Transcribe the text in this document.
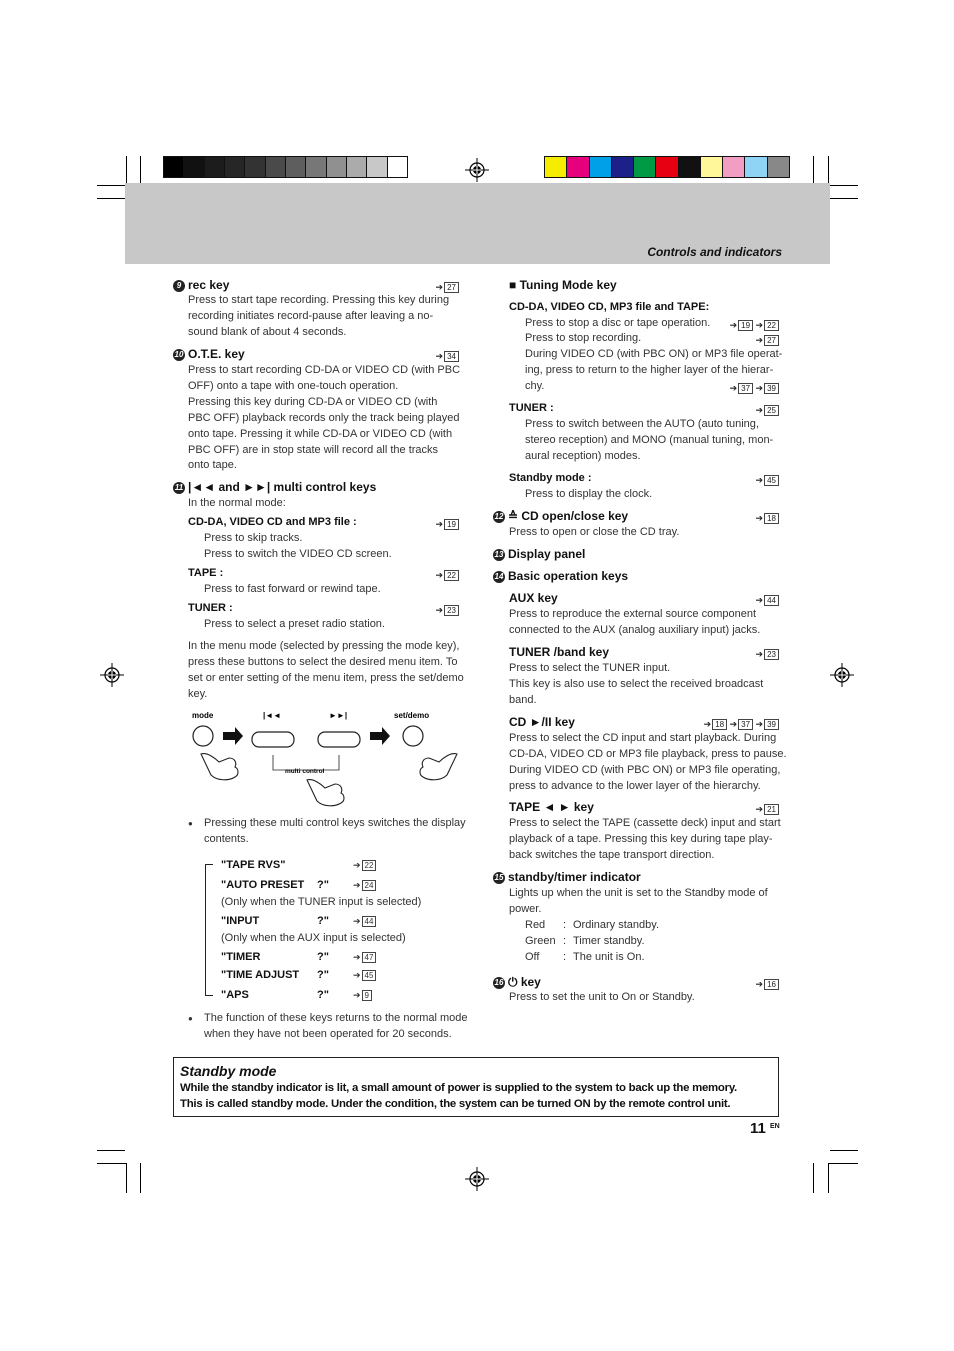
Controls and indicators
9 rec key	➔ 27
Press to start tape recording. Pressing this key during
recording initiates record-pause after leaving a no-
sound blank of about 4 seconds.
10 O.T.E. key	➔ 34
Press to start recording CD-DA or VIDEO CD (with PBC
OFF) onto a tape with one-touch operation.
Pressing this key during CD-DA or VIDEO CD (with
PBC OFF) playback records only the track being played
onto tape. Pressing it while CD-DA or VIDEO CD (with
PBC OFF) are in stop state will record all the tracks
onto tape.
11 |◄◄ and ►►| multi control keys
In the normal mode:
CD-DA, VIDEO CD and MP3 file :	➔ 19
Press to skip tracks.
Press to switch the VIDEO CD screen.
TAPE :	➔ 22
Press to fast forward or rewind tape.
TUNER :	➔ 23
Press to select a preset radio station.
In the menu mode (selected by pressing the mode key),
press these buttons to select the desired menu item. To
set or enter setting of the menu item, press the set/demo
key.
mode	|◄◄	►►|	set/demo
multi control
● Pressing these multi control keys switches the display
contents.
"TAPE RVS"	➔ 22
"AUTO PRESET ?"	➔ 24
(Only when the TUNER input is selected)
"INPUT	?"	➔ 44
(Only when the AUX input is selected)
"TIMER	?"	➔ 47
"TIME ADJUST ?"	➔ 45
"APS	?"	➔ 9
● The function of these keys returns to the normal mode
when they have not been operated for 20 seconds.
■ Tuning Mode key
CD-DA, VIDEO CD, MP3 file and TAPE:
Press to stop a disc or tape operation. ➔ 19 ➔ 22
Press to stop recording.	➔ 27
During VIDEO CD (with PBC ON) or MP3 file operat-
ing, press to return to the higher layer of the hierar-
chy.	➔ 37 ➔ 39
TUNER :	➔ 25
Press to switch between the AUTO (auto tuning,
stereo reception) and MONO (manual tuning, mon-
aural reception) modes.
Standby mode :	➔ 45
Press to display the clock.
12 ≙ CD open/close key	➔ 18
Press to open or close the CD tray.
13 Display panel
14 Basic operation keys
AUX key	➔ 44
Press to reproduce the external source component
connected to the AUX (analog auxiliary input) jacks.
TUNER /band key	➔ 23
Press to select the TUNER input.
This key is also use to select the received broadcast
band.
CD ►/II key	➔ 18 ➔ 37 ➔ 39
Press to select the CD input and start playback. During
CD-DA, VIDEO CD or MP3 file playback, press to pause.
During VIDEO CD (with PBC ON) or MP3 file operating,
press to advance to the lower layer of the hierarchy.
TAPE ◄ ► key	➔ 21
Press to select the TAPE (cassette deck) input and start
playback of a tape. Pressing this key during tape play-
back switches the tape transport direction.
15 standby/timer indicator
Lights up when the unit is set to the Standby mode of
power.
Red : Ordinary standby.
Green : Timer standby.
Off : The unit is On.
16 ⏻ key	➔ 16
Press to set the unit to On or Standby.
Standby mode
While the standby indicator is lit, a small amount of power is supplied to the system to back up the memory.
This is called standby mode. Under the condition, the system can be turned ON by the remote control unit.
11 EN
